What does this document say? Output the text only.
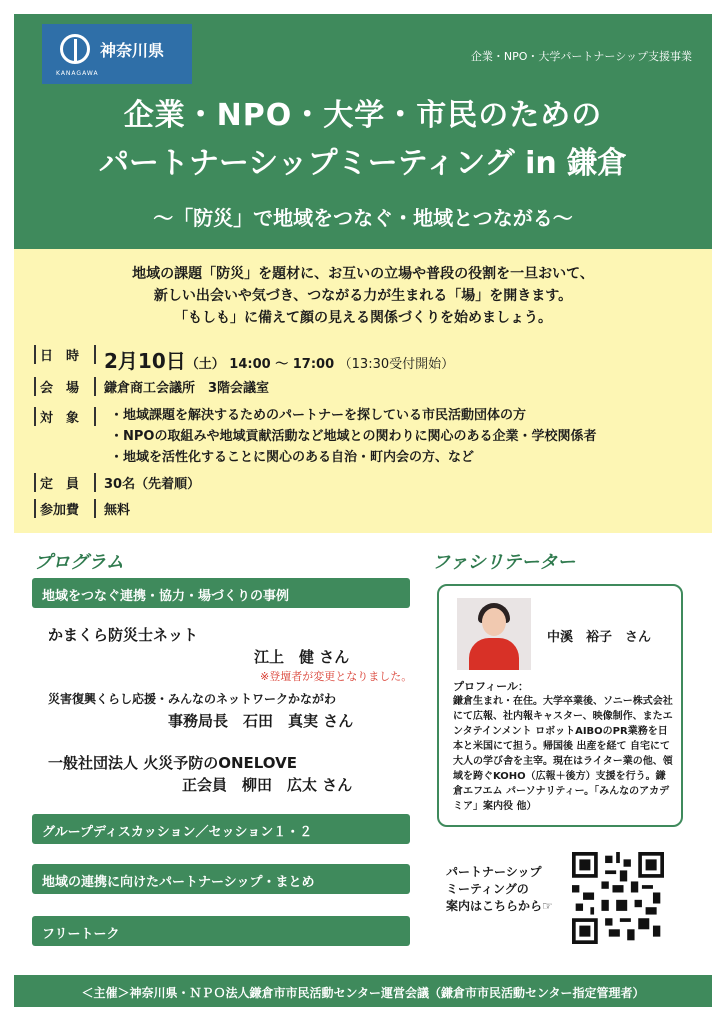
神奈川県
KANAGAWA
企業・NPO・大学パートナーシップ支援事業
企業・NPO・大学・市民のための
パートナーシップミーティング in 鎌倉
～「防災」で地域をつなぐ・地域とつながる～
地域の課題「防災」を題材に、お互いの立場や普段の役割を一旦おいて、
新しい出会いや気づき、つながる力が生まれる「場」を開きます。
「もしも」に備えて顔の見える関係づくりを始めましょう。
日　時 2月10日（土） 14:00 ～ 17:00 （13:30受付開始）
会　場 鎌倉商工会議所　3階会議室
対　象	・地域課題を解決するためのパートナーを探している市民活動団体の方
・NPOの取組みや地域貢献活動など地域との関わりに関心のある企業・学校関係者
・地域を活性化することに関心のある自治・町内会の方、など
定　員 30名（先着順）
参加費 無料
プログラム
地域をつなぐ連携・協力・場づくりの事例
かまくら防災士ネット
江上　健 さん
※登壇者が変更となりました。
災害復興くらし応援・みんなのネットワークかながわ
事務局長　石田　真実 さん
一般社団法人 火災予防のONELOVE
正会員　柳田　広太 さん
グループディスカッション／セッション１・２
地域の連携に向けたパートナーシップ・まとめ
フリートーク
ファシリテーター
中溪　裕子　さん
プロフィール：
鎌倉生まれ・在住。大学卒業後、ソニー株式会社にて広報、社内報キャスター、映像制作、またエンタテインメント ロボットAIBOのPR業務を日本と米国にて担う。帰国後 出産を経て 自宅にて大人の学び舎を主宰。現在はライター業の他、領域を跨ぐKOHO（広報＋後方）支援を行う。鎌倉エフエム パーソナリティー。「みんなのアカデミア」案内役 他）
パートナーシップ
ミーティングの
案内はこちらから☞
＜主催＞神奈川県・ＮＰＯ法人鎌倉市市民活動センター運営会議（鎌倉市市民活動センター指定管理者）
